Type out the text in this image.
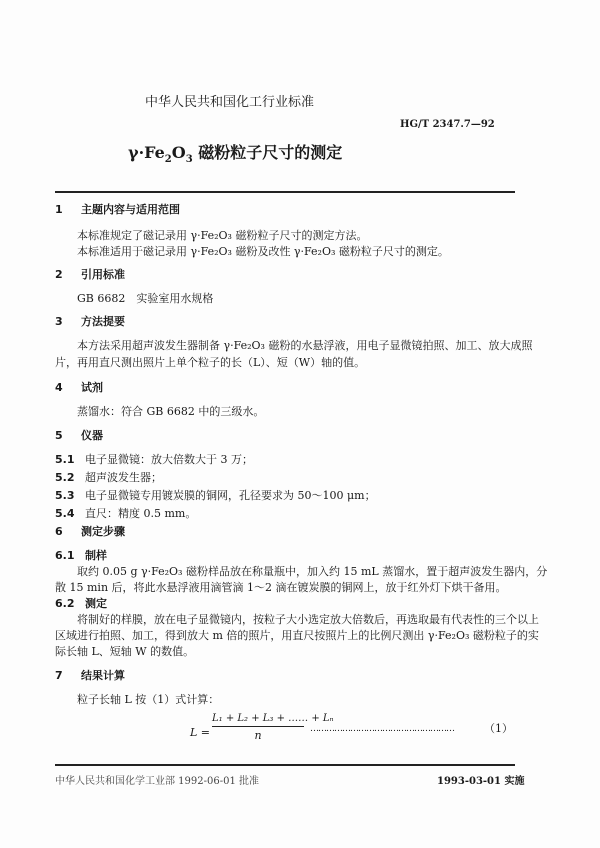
中华人民共和国化工行业标准
HG/T 2347.7—92
$\gamma\cdot Fe_2O_3$ 磁粉粒子尺寸的测定
1 主题内容与适用范围
本标准规定了磁记录用 γ·Fe₂O₃ 磁粉粒子尺寸的测定方法。
本标准适用于磁记录用 γ·Fe₂O₃ 磁粉及改性 γ·Fe₂O₃ 磁粉粒子尺寸的测定。
2 引用标准
GB 6682　实验室用水规格
3 方法提要
本方法采用超声波发生器制备 γ·Fe₂O₃ 磁粉的水悬浮液，用电子显微镜拍照、加工、放大成照
片，再用直尺测出照片上单个粒子的长（L）、短（W）轴的值。
4 试剂
蒸馏水：符合 GB 6682 中的三级水。
5 仪器
5.1 电子显微镜：放大倍数大于 3 万；
5.2 超声波发生器；
5.3 电子显微镜专用镀炭膜的铜网，孔径要求为 50～100 μm；
5.4 直尺：精度 0.5 mm。
6 测定步骤
6.1 制样
取约 0.05 g γ·Fe₂O₃ 磁粉样品放在称量瓶中，加入约 15 mL 蒸馏水，置于超声波发生器内，分
散 15 min 后，将此水悬浮液用滴管滴 1～2 滴在镀炭膜的铜网上，放于红外灯下烘干备用。
6.2 测定
将制好的样膜，放在电子显微镜内，按粒子大小选定放大倍数后，再选取最有代表性的三个以上
区域进行拍照、加工，得到放大 m 倍的照片，用直尺按照片上的比例尺测出 γ·Fe₂O₃ 磁粉粒子的实
际长轴 L、短轴 W 的数值。
7 结果计算
粒子长轴 L 按（1）式计算：
L =
L₁ + L₂ + L₃ + …… + Lₙ
n	………………………………………………	（1）
中华人民共和国化学工业部 1992-06-01 批准	1993-03-01 实施
